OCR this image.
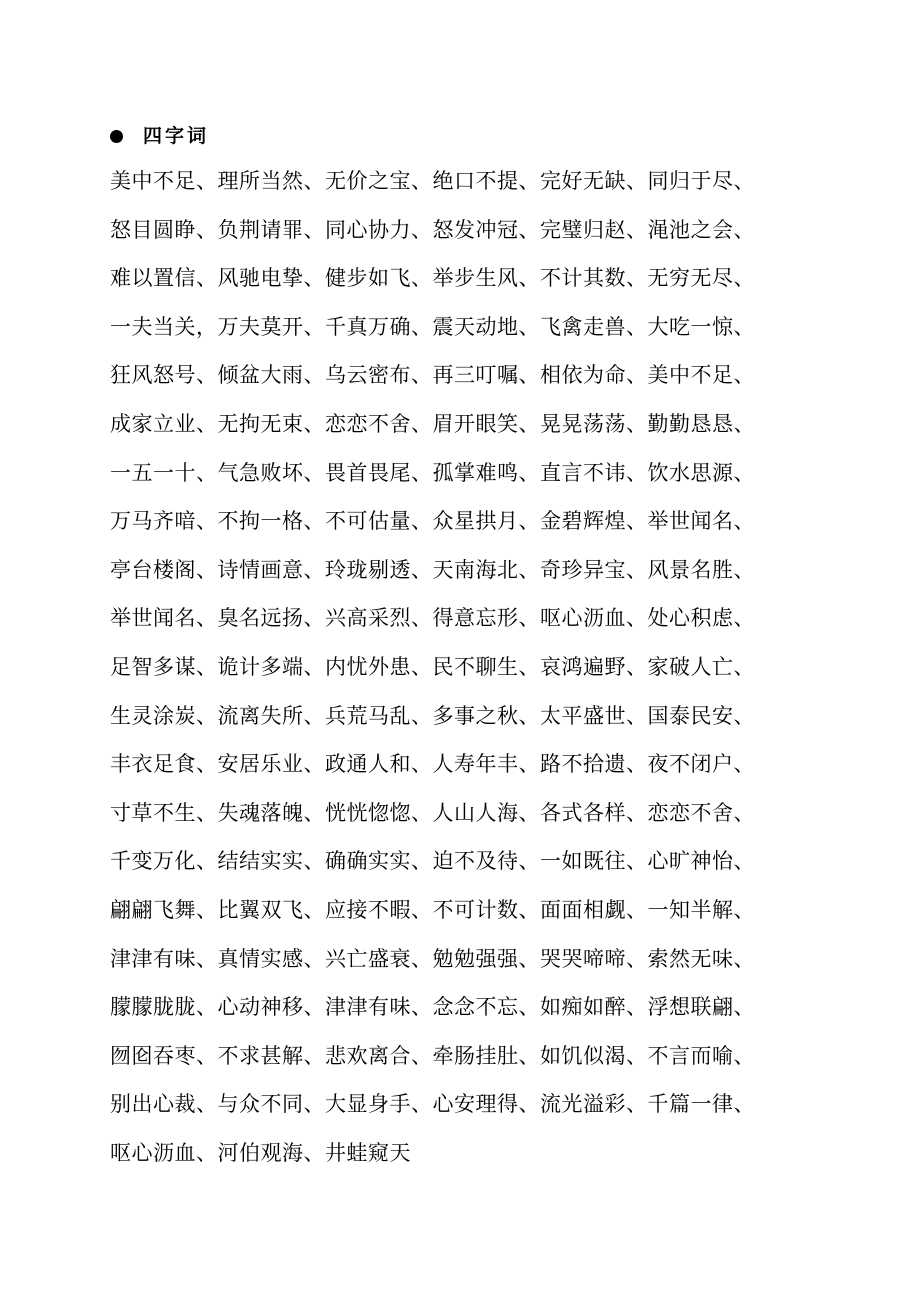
四字词
美中不足、理所当然、无价之宝、绝口不提、完好无缺、同归于尽、
怒目圆睁、负荆请罪、同心协力、怒发冲冠、完璧归赵、渑池之会、
难以置信、风驰电挚、健步如飞、举步生风、不计其数、无穷无尽、
一夫当关，万夫莫开、千真万确、震天动地、飞禽走兽、大吃一惊、
狂风怒号、倾盆大雨、乌云密布、再三叮嘱、相依为命、美中不足、
成家立业、无拘无束、恋恋不舍、眉开眼笑、晃晃荡荡、勤勤恳恳、
一五一十、气急败坏、畏首畏尾、孤掌难鸣、直言不讳、饮水思源、
万马齐喑、不拘一格、不可估量、众星拱月、金碧辉煌、举世闻名、
亭台楼阁、诗情画意、玲珑剔透、天南海北、奇珍异宝、风景名胜、
举世闻名、臭名远扬、兴高采烈、得意忘形、呕心沥血、处心积虑、
足智多谋、诡计多端、内忧外患、民不聊生、哀鸿遍野、家破人亡、
生灵涂炭、流离失所、兵荒马乱、多事之秋、太平盛世、国泰民安、
丰衣足食、安居乐业、政通人和、人寿年丰、路不拾遗、夜不闭户、
寸草不生、失魂落魄、恍恍惚惚、人山人海、各式各样、恋恋不舍、
千变万化、结结实实、确确实实、迫不及待、一如既往、心旷神怡、
翩翩飞舞、比翼双飞、应接不暇、不可计数、面面相觑、一知半解、
津津有味、真情实感、兴亡盛衰、勉勉强强、哭哭啼啼、索然无味、
朦朦胧胧、心动神移、津津有味、念念不忘、如痴如醉、浮想联翩、
囫囵吞枣、不求甚解、悲欢离合、牵肠挂肚、如饥似渴、不言而喻、
别出心裁、与众不同、大显身手、心安理得、流光溢彩、千篇一律、
呕心沥血、河伯观海、井蛙窥天
